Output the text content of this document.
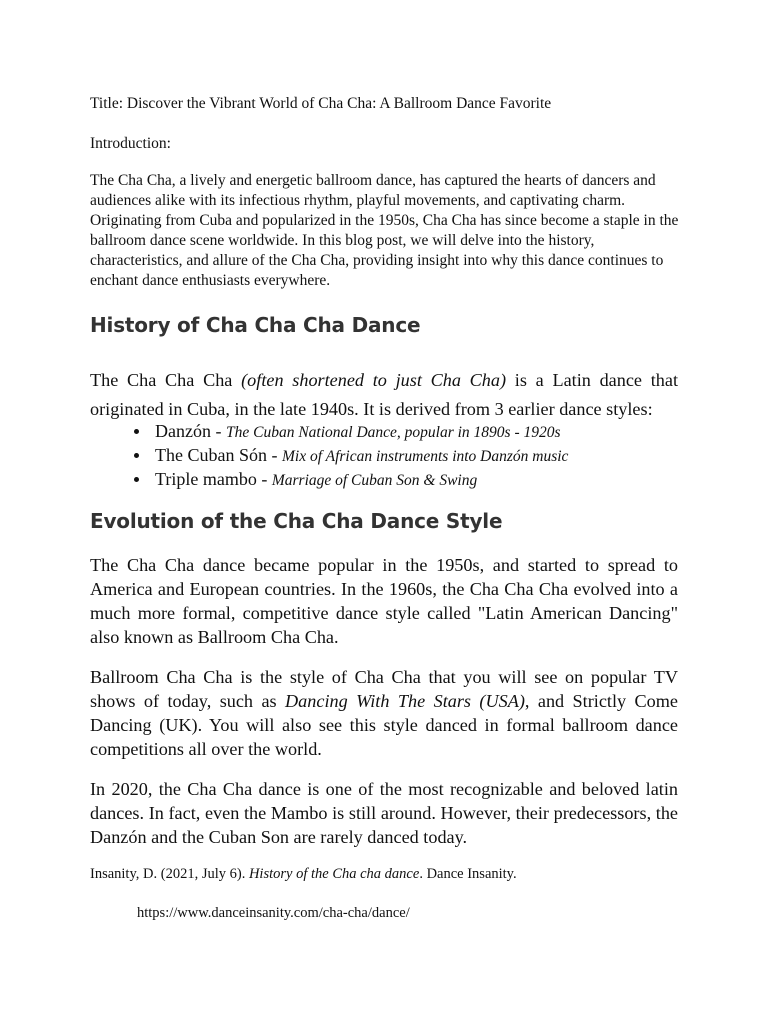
Title: Discover the Vibrant World of Cha Cha: A Ballroom Dance Favorite

Introduction:

The Cha Cha, a lively and energetic ballroom dance, has captured the hearts of dancers and audiences alike with its infectious rhythm, playful movements, and captivating charm. Originating from Cuba and popularized in the 1950s, Cha Cha has since become a staple in the ballroom dance scene worldwide. In this blog post, we will delve into the history, characteristics, and allure of the Cha Cha, providing insight into why this dance continues to enchant dance enthusiasts everywhere.

History of Cha Cha Cha Dance

The Cha Cha Cha (often shortened to just Cha Cha) is a Latin dance that originated in Cuba, in the late 1940s. It is derived from 3 earlier dance styles:

Danzón - The Cuban National Dance, popular in 1890s - 1920s
The Cuban Són - Mix of African instruments into Danzón music
Triple mambo - Marriage of Cuban Son & Swing
Evolution of the Cha Cha Dance Style

The Cha Cha dance became popular in the 1950s, and started to spread to America and European countries. In the 1960s, the Cha Cha Cha evolved into a much more formal, competitive dance style called "Latin American Dancing" also known as Ballroom Cha Cha.

Ballroom Cha Cha is the style of Cha Cha that you will see on popular TV shows of today, such as Dancing With The Stars (USA), and Strictly Come Dancing (UK). You will also see this style danced in formal ballroom dance competitions all over the world.

In 2020, the Cha Cha dance is one of the most recognizable and beloved latin dances. In fact, even the Mambo is still around. However, their predecessors, the Danzón and the Cuban Son are rarely danced today.

Insanity, D. (2021, July 6). History of the Cha cha dance. Dance Insanity.

https://www.danceinsanity.com/cha-cha/dance/
